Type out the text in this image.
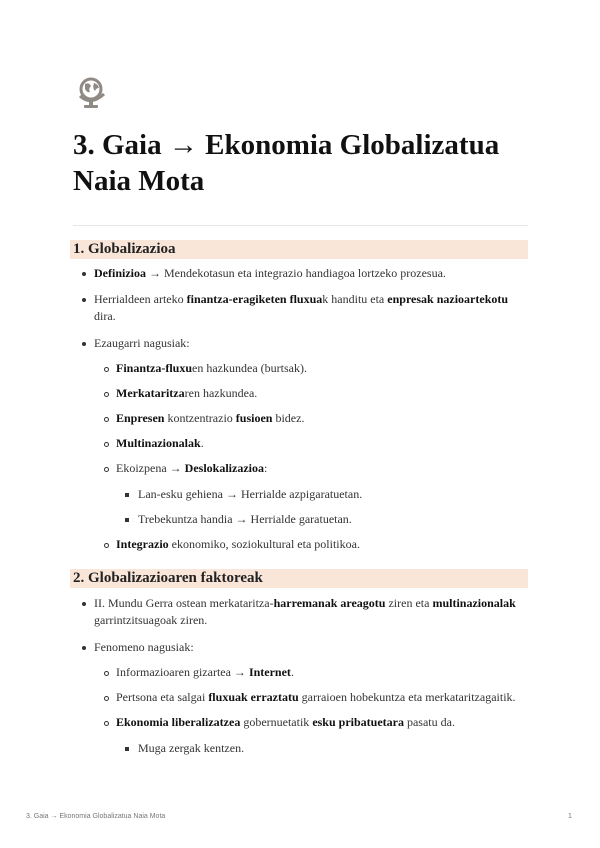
3. Gaia → Ekonomia Globalizatua
Naia Mota
1. Globalizazioa
Definizioa → Mendekotasun eta integrazio handiagoa lortzeko prozesua.
Herrialdeen arteko finantza-eragiketen fluxuak handitu eta enpresak nazioartekotu
dira.
Ezaugarri nagusiak:
Finantza-fluxuen hazkundea (burtsak).
Merkataritzaren hazkundea.
Enpresen kontzentrazio fusioen bidez.
Multinazionalak.
Ekoizpena → Deslokalizazioa:
Lan-esku gehiena → Herrialde azpigaratuetan.
Trebekuntza handia → Herrialde garatuetan.
Integrazio ekonomiko, soziokultural eta politikoa.
2. Globalizazioaren faktoreak
II. Mundu Gerra ostean merkataritza-harremanak areagotu ziren eta multinazionalak
garrintzitsuagoak ziren.
Fenomeno nagusiak:
Informazioaren gizartea → Internet.
Pertsona eta salgai fluxuak erraztatu garraioen hobekuntza eta merkataritzagaitik.
Ekonomia liberalizatzea gobernuetatik esku pribatuetara pasatu da.
Muga zergak kentzen.
3. Gaia → Ekonomia Globalizatua Naia Mota	1
